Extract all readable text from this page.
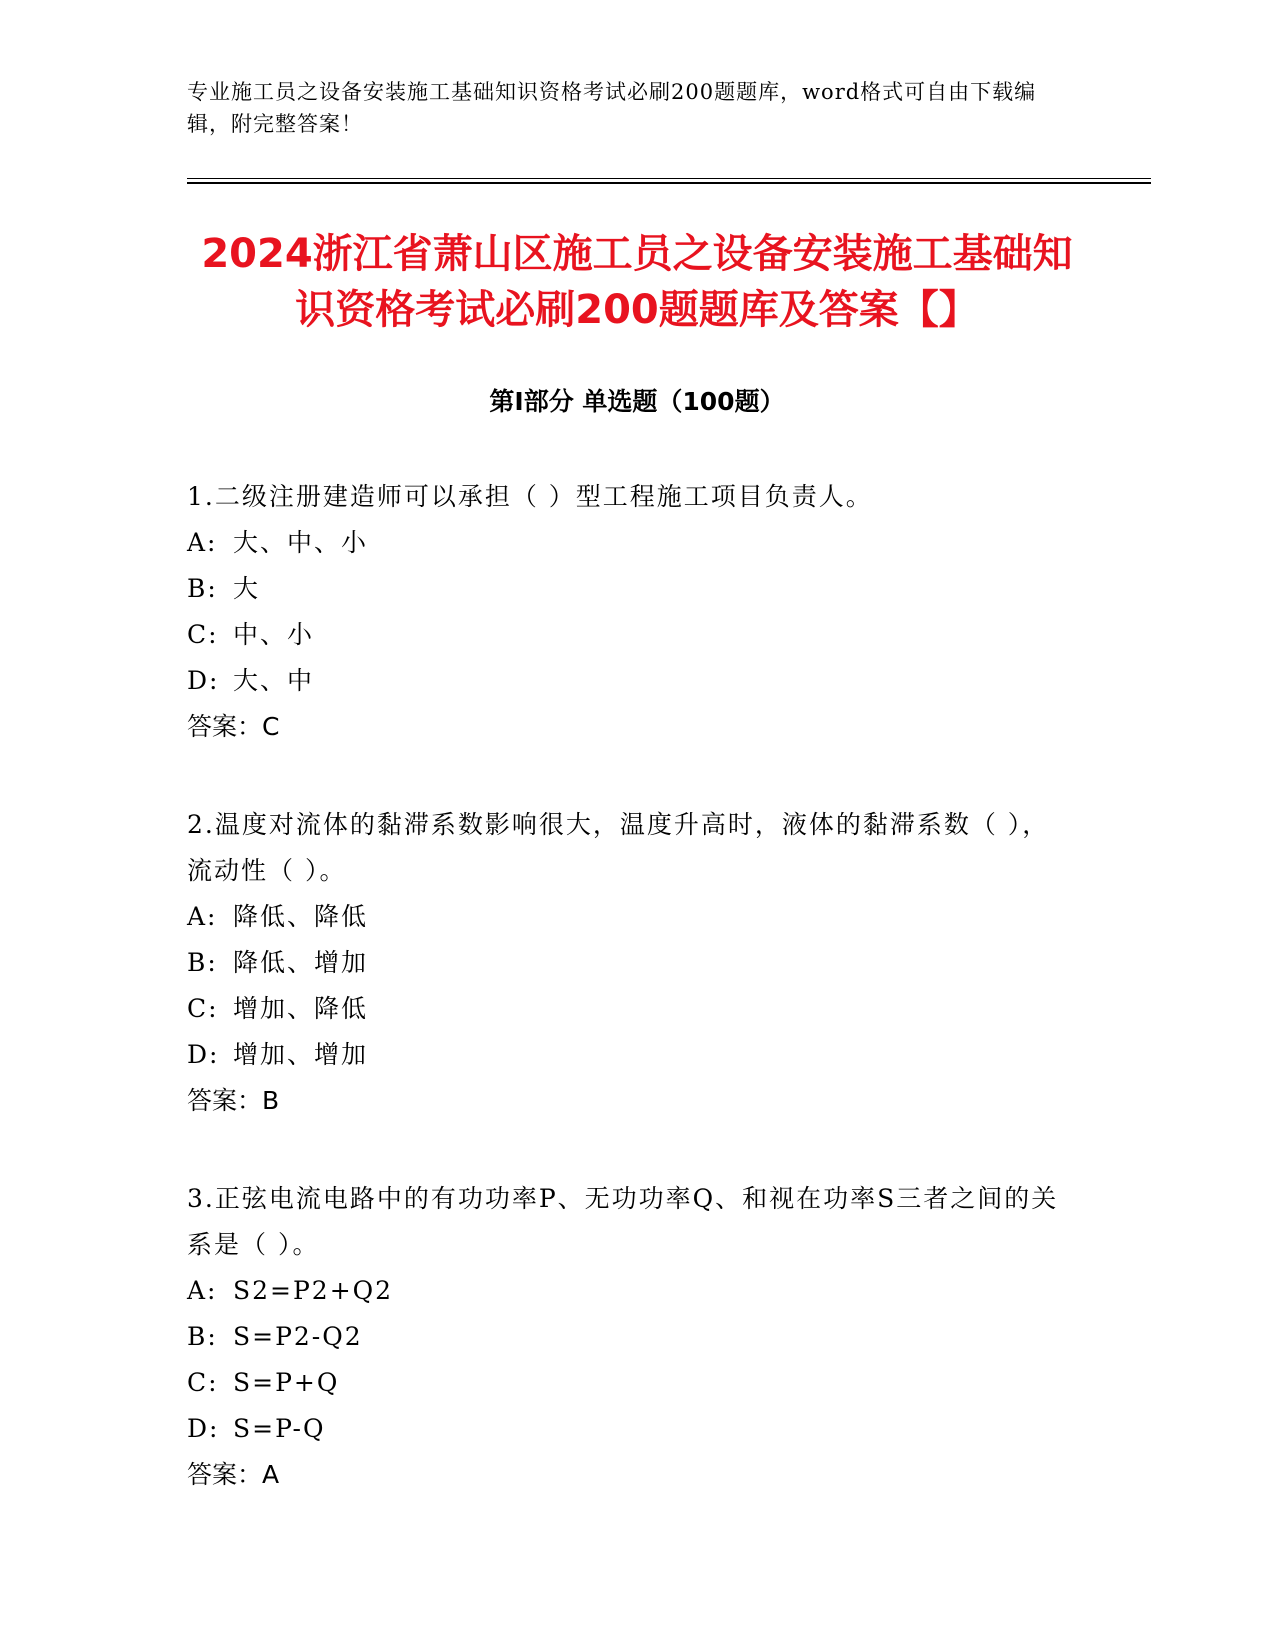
专业施工员之设备安装施工基础知识资格考试必刷200题题库，word格式可自由下载编辑，附完整答案！
2024浙江省萧山区施工员之设备安装施工基础知识资格考试必刷200题题库及答案【】
第Ⅰ部分 单选题（100题）

1.二级注册建造师可以承担（ ）型工程施工项目负责人。

A: 大、中、小

B: 大

C: 中、小

D: 大、中

答案：C

2.温度对流体的黏滞系数影响很大，温度升高时，液体的黏滞系数（ ），流动性（ ）。

A: 降低、降低

B: 降低、增加

C: 增加、降低

D: 增加、增加

答案：B

3.正弦电流电路中的有功功率P、无功功率Q、和视在功率S三者之间的关系是（ ）。

A: S2=P2+Q2

B: S=P2-Q2

C: S=P+Q

D: S=P-Q

答案：A
